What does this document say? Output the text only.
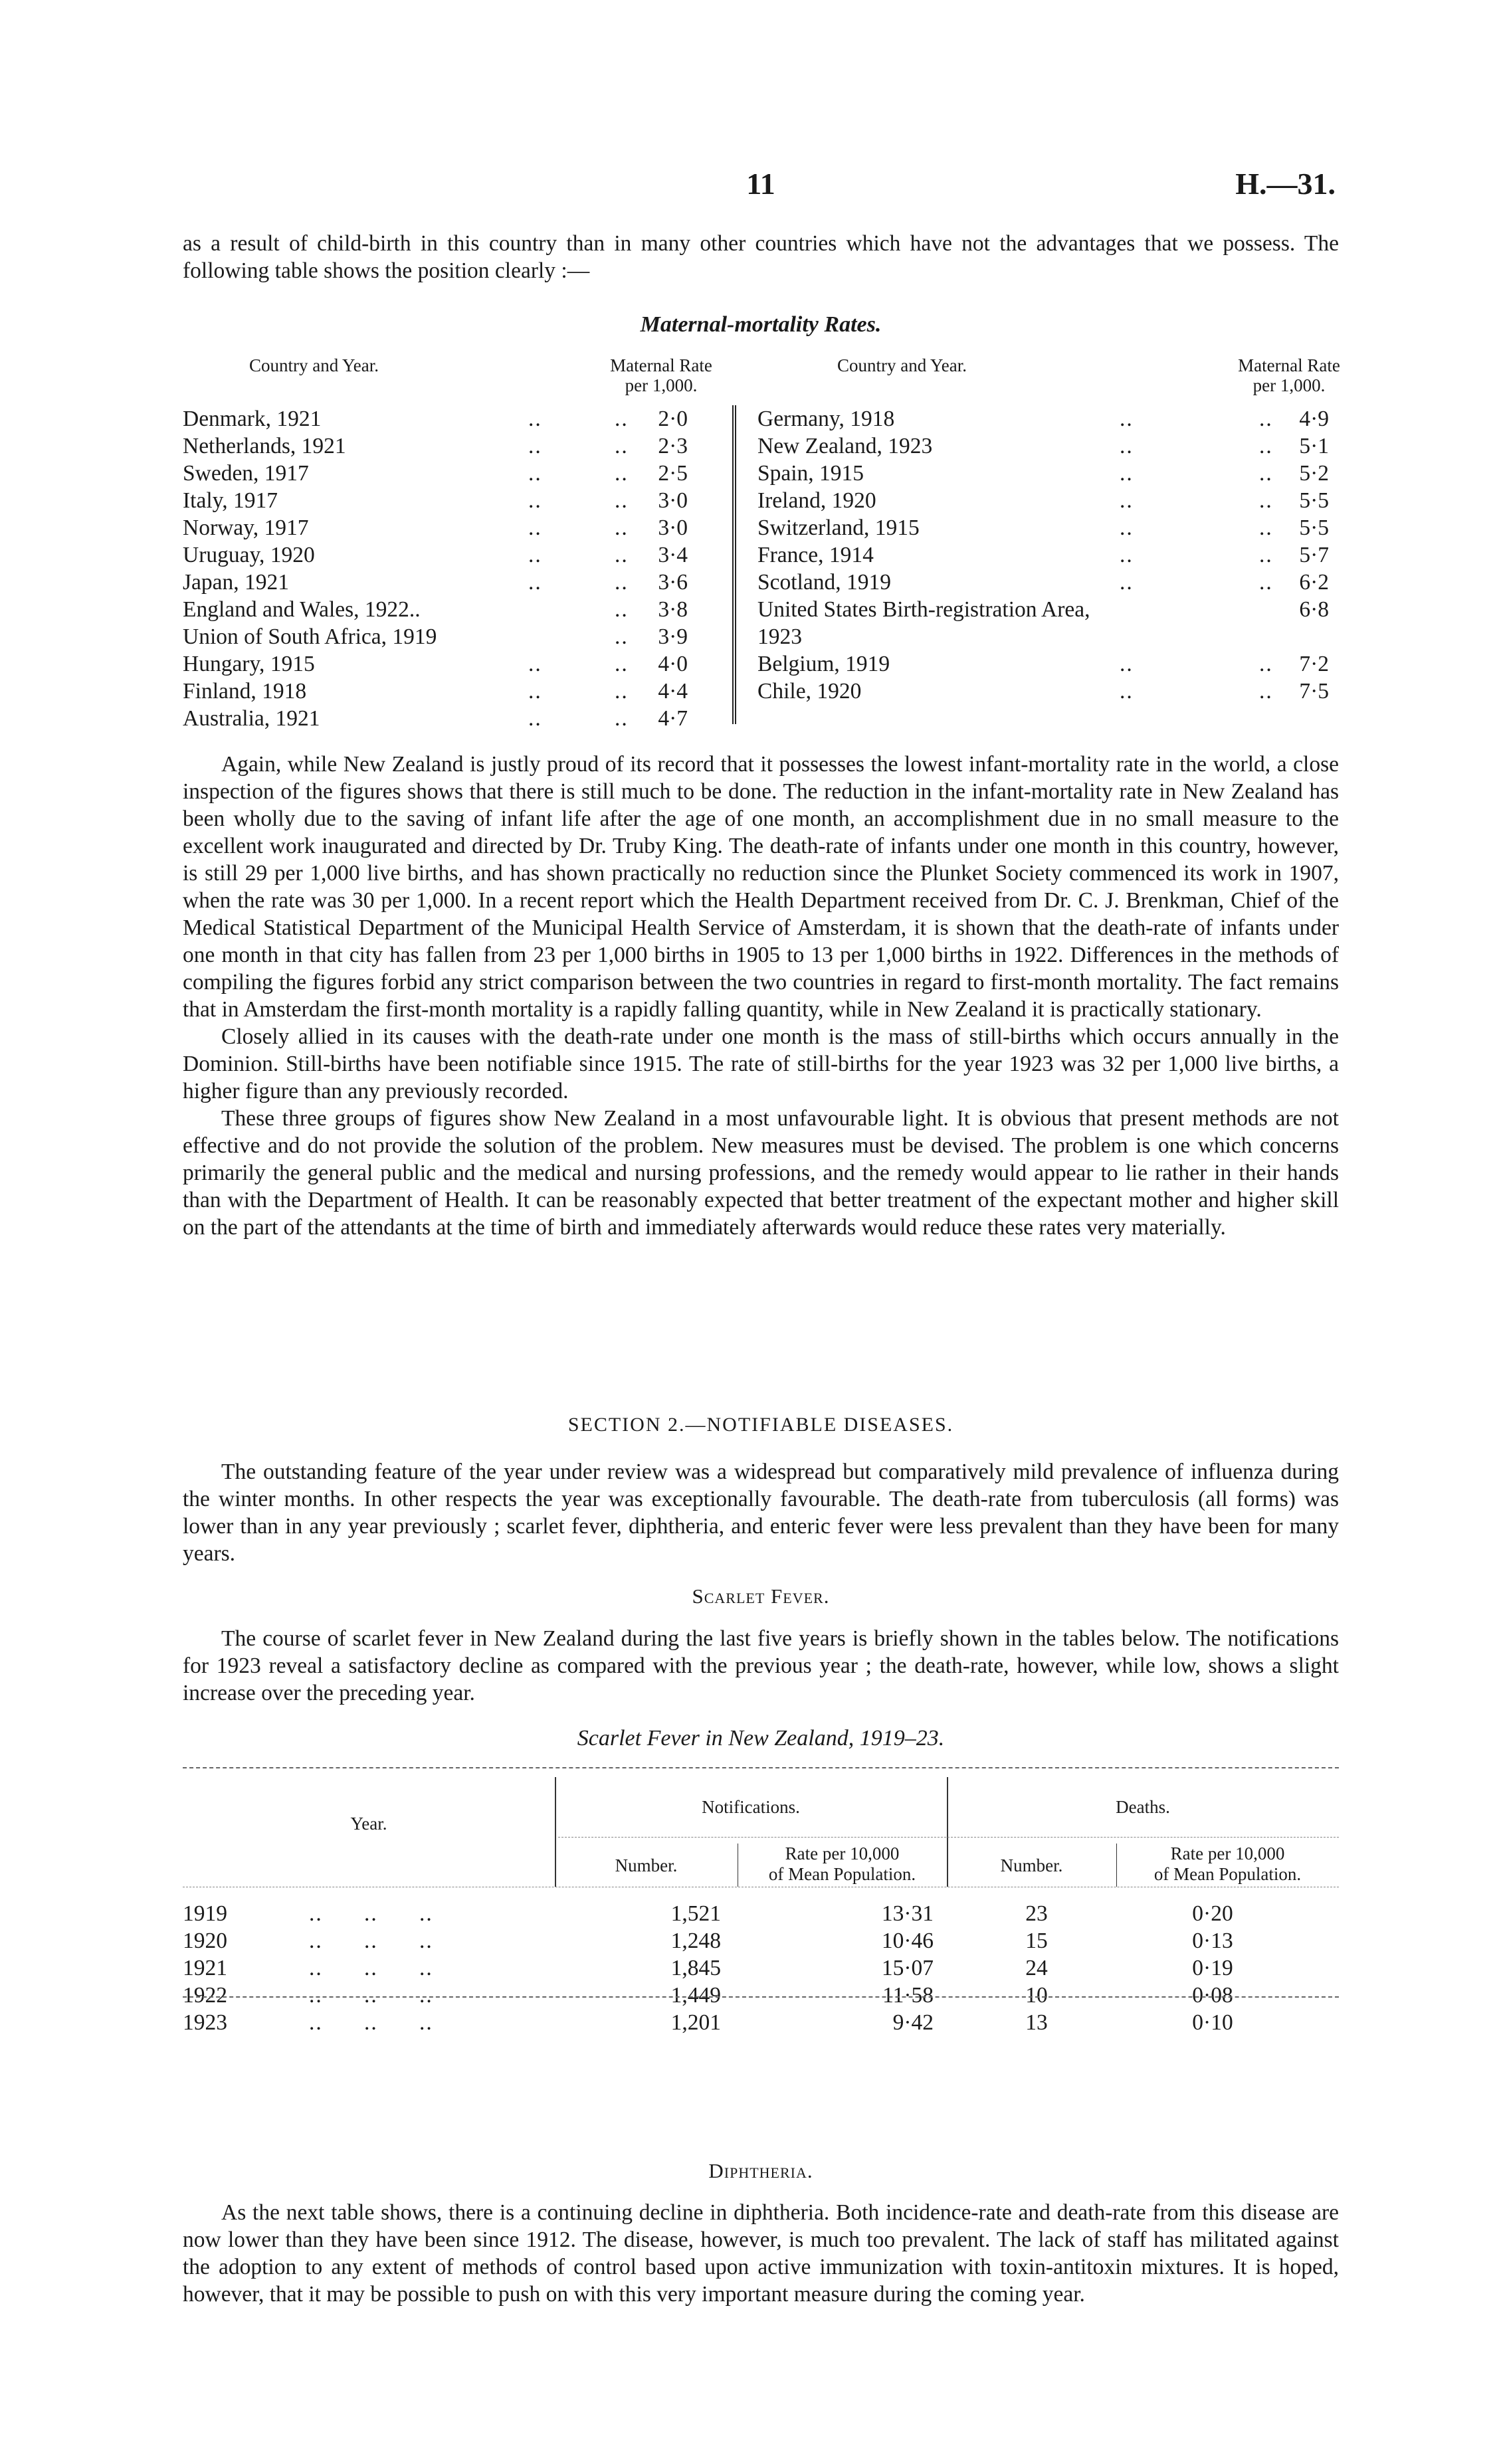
11	H.—31.

as a result of child-birth in this country than in many other countries which have not the advantages that we possess. The following table shows the position clearly :—

Maternal-mortality Rates.
Country and Year.	Maternal Rate
per 1,000.
Denmark, 1921	..	..	2·0
Netherlands, 1921	..	..	2·3
Sweden, 1917	..	..	2·5
Italy, 1917	..	..	3·0
Norway, 1917	..	..	3·0
Uruguay, 1920	..	..	3·4
Japan, 1921	..	..	3·6
England and Wales, 1922..	..	3·8
Union of South Africa, 1919	..	3·9
Hungary, 1915	..	..	4·0
Finland, 1918	..	..	4·4
Australia, 1921	..	..	4·7
Country and Year.	Maternal Rate
per 1,000.
Germany, 1918	..	..	4·9
New Zealand, 1923	..	..	5·1
Spain, 1915	..	..	5·2
Ireland, 1920	..	..	5·5
Switzerland, 1915	..	..	5·5
France, 1914	..	..	5·7
Scotland, 1919	..	..	6·2
United States Birth-registration Area,	6·8
1923
Belgium, 1919	..	..	7·2
Chile, 1920	..	..	7·5

Again, while New Zealand is justly proud of its record that it possesses the lowest infant-mortality rate in the world, a close inspection of the figures shows that there is still much to be done. The reduction in the infant-mortality rate in New Zealand has been wholly due to the saving of infant life after the age of one month, an accomplishment due in no small measure to the excellent work inaugurated and directed by Dr. Truby King. The death-rate of infants under one month in this country, however, is still 29 per 1,000 live births, and has shown practically no reduction since the Plunket Society commenced its work in 1907, when the rate was 30 per 1,000. In a recent report which the Health Department received from Dr. C. J. Brenkman, Chief of the Medical Statistical Department of the Municipal Health Service of Amsterdam, it is shown that the death-rate of infants under one month in that city has fallen from 23 per 1,000 births in 1905 to 13 per 1,000 births in 1922. Differences in the methods of compiling the figures forbid any strict comparison between the two countries in regard to first-month mortality. The fact remains that in Amsterdam the first-month mortality is a rapidly falling quantity, while in New Zealand it is practically stationary.

Closely allied in its causes with the death-rate under one month is the mass of still-births which occurs annually in the Dominion. Still-births have been notifiable since 1915. The rate of still-births for the year 1923 was 32 per 1,000 live births, a higher figure than any previously recorded.

These three groups of figures show New Zealand in a most unfavourable light. It is obvious that present methods are not effective and do not provide the solution of the problem. New measures must be devised. The problem is one which concerns primarily the general public and the medical and nursing professions, and the remedy would appear to lie rather in their hands than with the Department of Health. It can be reasonably expected that better treatment of the expectant mother and higher skill on the part of the attendants at the time of birth and immediately afterwards would reduce these rates very materially.

SECTION 2.—NOTIFIABLE DISEASES.

The outstanding feature of the year under review was a widespread but comparatively mild prevalence of influenza during the winter months. In other respects the year was exceptionally favourable. The death-rate from tuberculosis (all forms) was lower than in any year previously ; scarlet fever, diphtheria, and enteric fever were less prevalent than they have been for many years.

Scarlet Fever.

The course of scarlet fever in New Zealand during the last five years is briefly shown in the tables below. The notifications for 1923 reveal a satisfactory decline as compared with the previous year ; the death-rate, however, while low, shows a slight increase over the preceding year.

Scarlet Fever in New Zealand, 1919–23.
Year.
Notifications.	Deaths.
Number.
Rate per 10,000
of Mean Population.	Number.
Rate per 10,000
of Mean Population.
1919	..      ..      ..	1,521	13·31	23	0·20
1920	..      ..      ..	1,248	10·46	15	0·13
1921	..      ..      ..	1,845	15·07	24	0·19
1922	..      ..      ..	1,449	11·58	10	0·08
1923	..      ..      ..	1,201	9·42	13	0·10
Diphtheria.

As the next table shows, there is a continuing decline in diphtheria. Both incidence-rate and death-rate from this disease are now lower than they have been since 1912. The disease, however, is much too prevalent. The lack of staff has militated against the adoption to any extent of methods of control based upon active immunization with toxin-antitoxin mixtures. It is hoped, however, that it may be possible to push on with this very important measure during the coming year.
